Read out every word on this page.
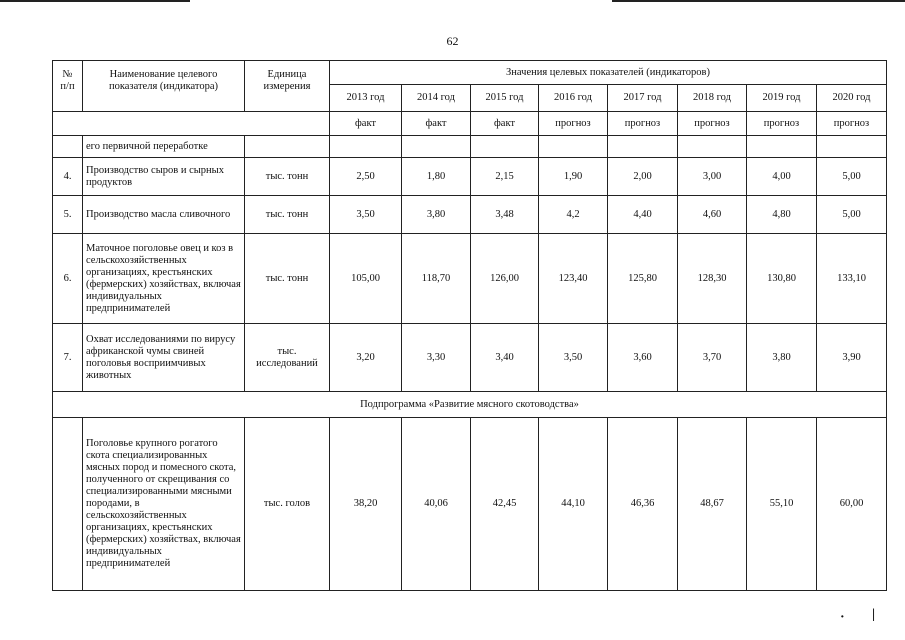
62
№
п/п	Наименование целевого показателя (индикатора)	Единица измерения	Значения целевых показателей (индикаторов)							
			2013 год	2014 год	2015 год	2016 год	2017 год	2018 год	2019 год	2020 год
			факт	факт	факт	прогноз	прогноз	прогноз	прогноз	прогноз
	его первичной переработке									
4.	Производство сыров и сырных продуктов	тыс. тонн	2,50	1,80	2,15	1,90	2,00	3,00	4,00	5,00
5.	Производство масла сливочного	тыс. тонн	3,50	3,80	3,48	4,2	4,40	4,60	4,80	5,00
6.	Маточное поголовье овец и коз в сельскохозяйственных организациях, крестьянских (фермерских) хозяйствах, включая индивидуальных предпринимателей	тыс. тонн	105,00	118,70	126,00	123,40	125,80	128,30	130,80	133,10
7.	Охват исследованиями по вирусу африканской чумы свиней поголовья восприимчивых животных	тыс. исследований	3,20	3,30	3,40	3,50	3,60	3,70	3,80	3,90
Подпрограмма «Развитие мясного скотоводства»										
	Поголовье крупного рогатого скота специализированных мясных пород и помесного скота, полученного от скрещивания со специализированными мясными породами, в сельскохозяйственных организациях, крестьянских (фермерских) хозяйствах, включая индивидуальных предпринимателей	тыс. голов	38,20	40,06	42,45	44,10	46,36	48,67	55,10	60,00
· |
